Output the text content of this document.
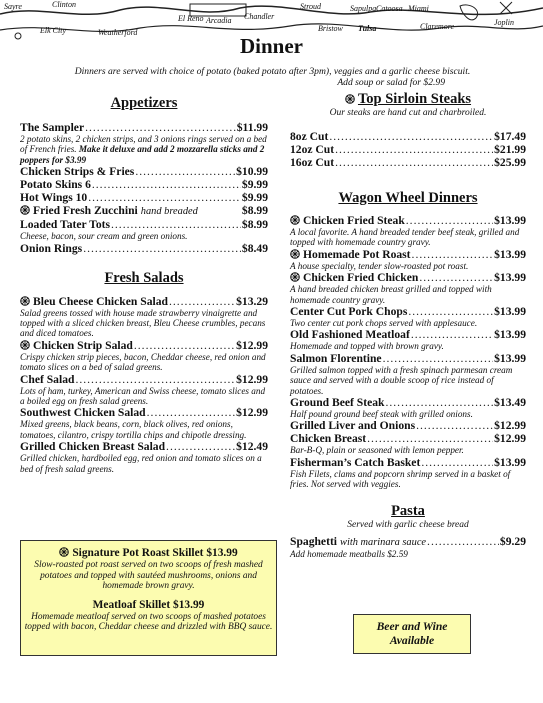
Sayre	Clinton
Elk City	Weatherford
El Reno Arcadia Chandler
Stroud
Bristow Tulsa
Sapulpa Catoosa Miami
Claremore	Joplin
Dinner
Dinners are served with choice of potato (baked potato after 3pm), veggies and a garlic cheese biscuit.
Add soup or salad for $2.99
Appetizers
The Sampler .....	$11.99
2 potato skins, 2 chicken strips, and 3 onions rings served on a bed of French fries. Make it deluxe and add 2 mozzarella sticks and 2 poppers for $3.99
Chicken Strips & Fries .....	$10.99
Potato Skins 6 .....	$9.99
Hot Wings 10 .....	$9.99
Fried Fresh Zucchini hand breaded	$8.99
Loaded Tater Tots .....	$8.99
Cheese, bacon, sour cream and green onions.
Onion Rings .....	$8.49
Fresh Salads
Bleu Cheese Chicken Salad .....	$13.29
Salad greens tossed with house made strawberry vinaigrette and topped with a sliced chicken breast, Bleu Cheese crumbles, pecans and diced tomatoes.
Chicken Strip Salad .....	$12.99
Crispy chicken strip pieces, bacon, Cheddar cheese, red onion and tomato slices on a bed of salad greens.
Chef Salad .....	$12.99
Lots of ham, turkey, American and Swiss cheese, tomato slices and a boiled egg on fresh salad greens.
Southwest Chicken Salad .....	$12.99
Mixed greens, black beans, corn, black olives, red onions, tomatoes, cilantro, crispy tortilla chips and chipotle dressing.
Grilled Chicken Breast Salad .....	$12.49
Grilled chicken, hardboiled egg, red onion and tomato slices on a bed of fresh salad greens.
Signature Pot Roast Skillet $13.99
Slow-roasted pot roast served on two scoops of fresh mashed potatoes and topped with sautéed mushrooms, onions and homemade brown gravy.
Meatloaf Skillet $13.99
Homemade meatloaf served on two scoops of mashed potatoes topped with bacon, Cheddar cheese and drizzled with BBQ sauce.
Top Sirloin Steaks
Our steaks are hand cut and charbroiled.
8oz Cut .....	$17.49
12oz Cut .....	$21.99
16oz Cut .....	$25.99
Wagon Wheel Dinners
Chicken Fried Steak .....	$13.99
A local favorite. A hand breaded tender beef steak, grilled and topped with homemade country gravy.
Homemade Pot Roast .....	$13.99
A house specialty, tender slow-roasted pot roast.
Chicken Fried Chicken .....	$13.99
A hand breaded chicken breast grilled and topped with homemade country gravy.
Center Cut Pork Chops .....	$13.99
Two center cut pork chops served with applesauce.
Old Fashioned Meatloaf .....	$13.99
Homemade and topped with brown gravy.
Salmon Florentine .....	$13.99
Grilled salmon topped with a fresh spinach parmesan cream sauce and served with a double scoop of rice instead of potatoes.
Ground Beef Steak .....	$13.49
Half pound ground beef steak with grilled onions.
Grilled Liver and Onions .....	$12.99
Chicken Breast .....	$12.99
Bar-B-Q, plain or seasoned with lemon pepper.
Fisherman’s Catch Basket .....	$13.99
Fish Filets, clams and popcorn shrimp served in a basket of fries. Not served with veggies.
Pasta
Served with garlic cheese bread
Spaghetti with marinara sauce .....	$9.29
Add homemade meatballs $2.59
Beer and Wine
Available
